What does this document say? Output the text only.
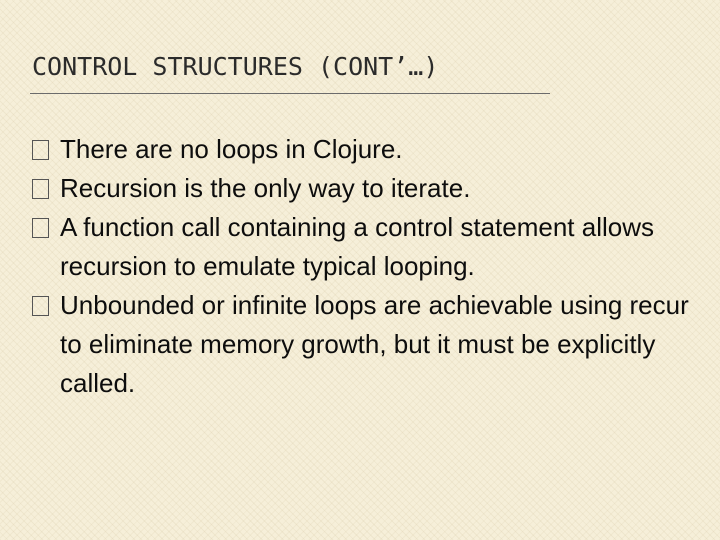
CONTROL STRUCTURES (CONT’…)
There are no loops in Clojure.
Recursion is the only way to iterate.
A function call containing a control statement allows recursion to emulate typical looping.
Unbounded or infinite loops are achievable using recur to eliminate memory growth, but it must be explicitly called.
